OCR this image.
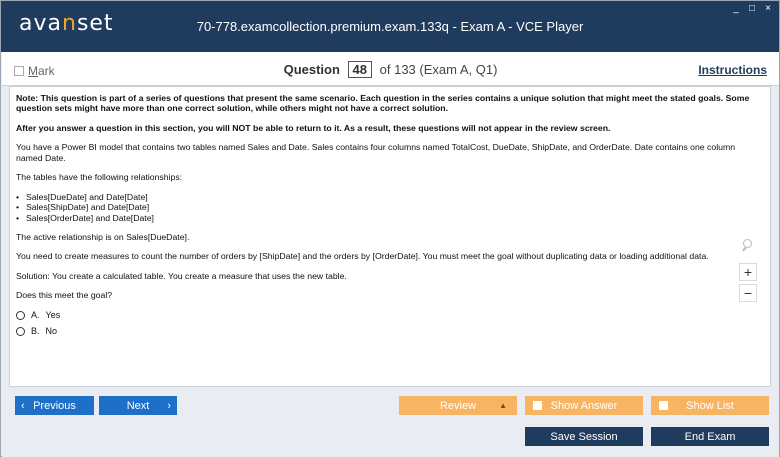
avanset	70-778.examcollection.premium.exam.133q - Exam A - VCE Player
_ □ ×
Mark	Question 48 of 133 (Exam A, Q1)	Instructions

Note: This question is part of a series of questions that present the same scenario. Each question in the series contains a unique solution that might meet the stated goals. Some question sets might have more than one correct solution, while others might not have a correct solution.

After you answer a question in this section, you will NOT be able to return to it. As a result, these questions will not appear in the review screen.

You have a Power BI model that contains two tables named Sales and Date. Sales contains four columns named TotalCost, DueDate, ShipDate, and OrderDate. Date contains one column named Date.

The tables have the following relationships:

• Sales[DueDate] and Date[Date]
• Sales[ShipDate] and Date[Date]
• Sales[OrderDate] and Date[Date]

The active relationship is on Sales[DueDate].

You need to create measures to count the number of orders by [ShipDate] and the orders by [OrderDate]. You must meet the goal without duplicating data or loading additional data.

Solution: You create a calculated table. You create a measure that uses the new table.

Does this meet the goal?

A. Yes
B. No
+
−
‹ Previous	Next ›	Review	▲	Show Answer	Show List
Save Session	End Exam
